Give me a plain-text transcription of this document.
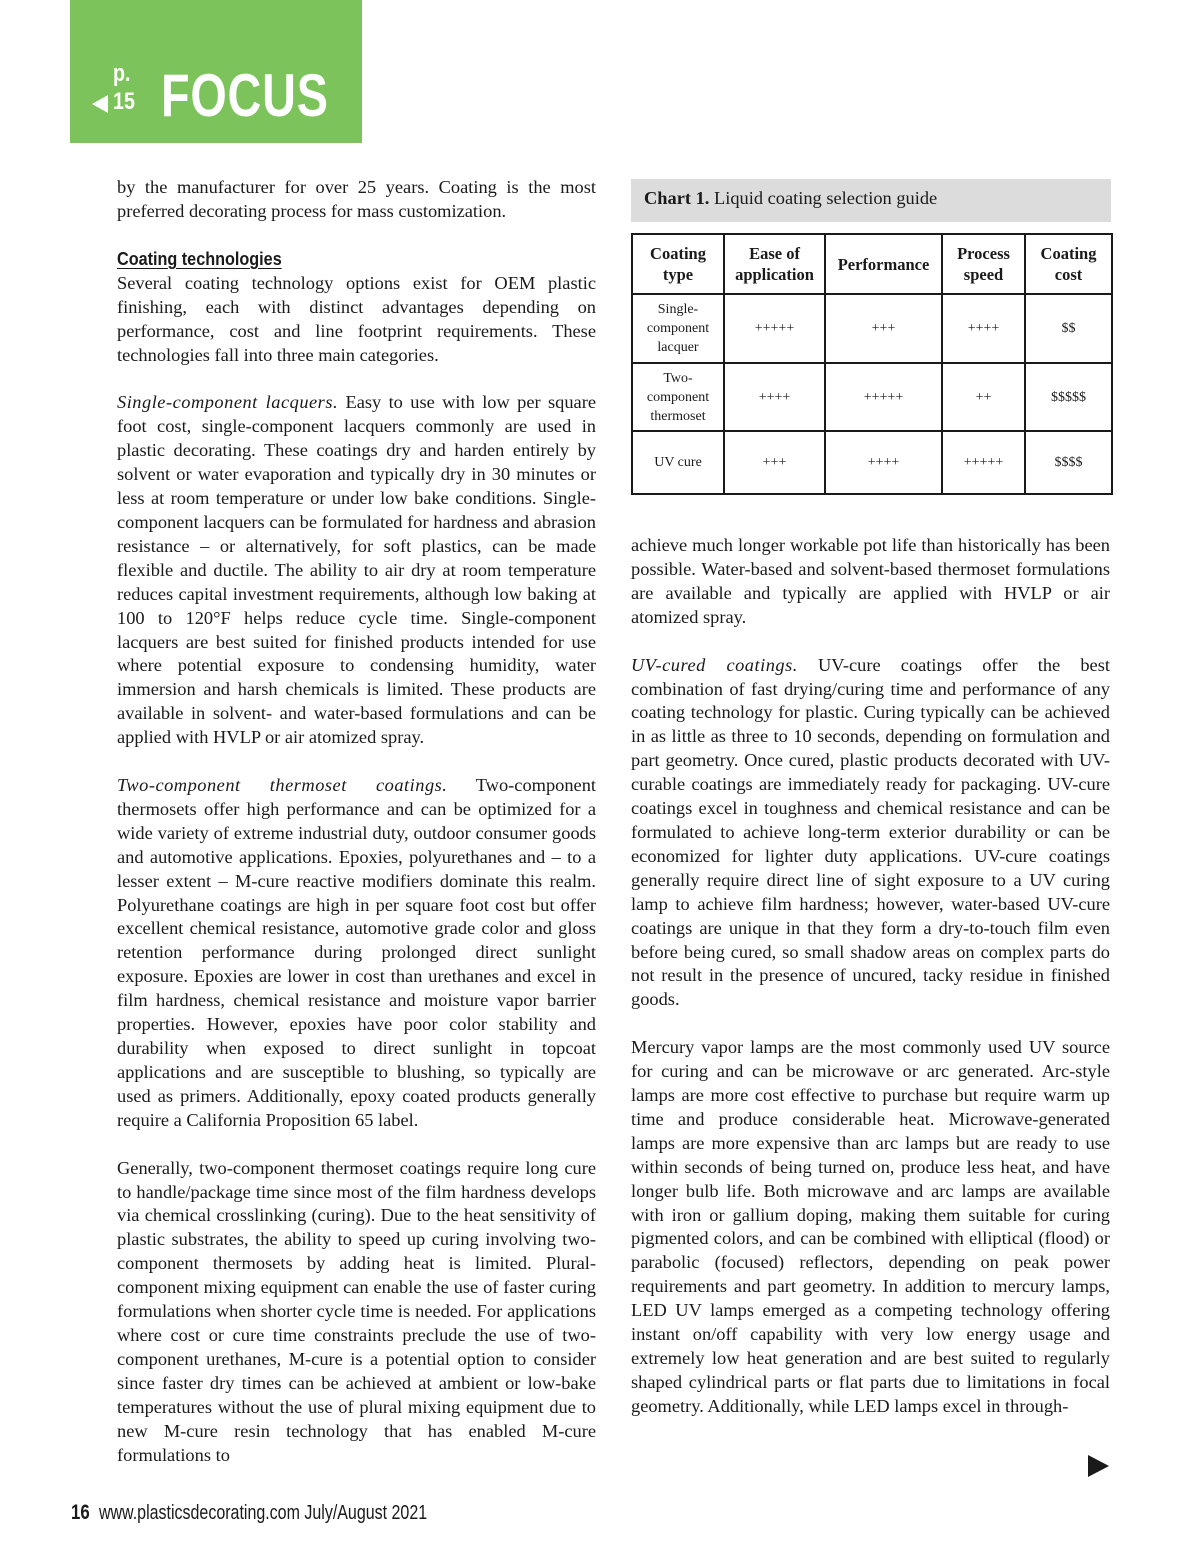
p. 15 FOCUS

by the manufacturer for over 25 years. Coating is the most preferred decorating process for mass customization.

Coating technologies

Several coating technology options exist for OEM plastic finishing, each with distinct advantages depending on performance, cost and line footprint requirements. These technologies fall into three main categories.

Single-component lacquers. Easy to use with low per square foot cost, single-component lacquers commonly are used in plastic decorating. These coatings dry and harden entirely by solvent or water evaporation and typically dry in 30 minutes or less at room temperature or under low bake conditions. Single-component lacquers can be formulated for hardness and abrasion resistance – or alternatively, for soft plastics, can be made flexible and ductile. The ability to air dry at room temperature reduces capital investment requirements, although low baking at 100 to 120°F helps reduce cycle time. Single-component lacquers are best suited for finished products intended for use where potential exposure to condensing humidity, water immersion and harsh chemicals is limited. These products are available in solvent- and water-based formulations and can be applied with HVLP or air atomized spray.

Two-component thermoset coatings. Two-component thermosets offer high performance and can be optimized for a wide variety of extreme industrial duty, outdoor consumer goods and automotive applications. Epoxies, polyurethanes and – to a lesser extent – M-cure reactive modifiers dominate this realm. Polyurethane coatings are high in per square foot cost but offer excellent chemical resistance, automotive grade color and gloss retention performance during prolonged direct sunlight exposure. Epoxies are lower in cost than urethanes and excel in film hardness, chemical resistance and moisture vapor barrier properties. However, epoxies have poor color stability and durability when exposed to direct sunlight in topcoat applications and are susceptible to blushing, so typically are used as primers. Additionally, epoxy coated products generally require a California Proposition 65 label.

Generally, two-component thermoset coatings require long cure to handle/package time since most of the film hardness develops via chemical crosslinking (curing). Due to the heat sensitivity of plastic substrates, the ability to speed up curing involving two-component thermosets by adding heat is limited. Plural-component mixing equipment can enable the use of faster curing formulations when shorter cycle time is needed. For applications where cost or cure time constraints preclude the use of two-component urethanes, M-cure is a potential option to consider since faster dry times can be achieved at ambient or low-bake temperatures without the use of plural mixing equipment due to new M-cure resin technology that has enabled M-cure formulations to

Chart 1. Liquid coating selection guide
Coating type	Ease of application	Performance	Process speed	Coating cost
Single-component lacquer	+++++	+++	++++	$$
Two-component thermoset	++++	+++++	++	$$$$$
UV cure	+++	++++	+++++	$$$$

achieve much longer workable pot life than historically has been possible. Water-based and solvent-based thermoset formulations are available and typically are applied with HVLP or air atomized spray.

UV-cured coatings. UV-cure coatings offer the best combination of fast drying/curing time and performance of any coating technology for plastic. Curing typically can be achieved in as little as three to 10 seconds, depending on formulation and part geometry. Once cured, plastic products decorated with UV-curable coatings are immediately ready for packaging. UV-cure coatings excel in toughness and chemical resistance and can be formulated to achieve long-term exterior durability or can be economized for lighter duty applications. UV-cure coatings generally require direct line of sight exposure to a UV curing lamp to achieve film hardness; however, water-based UV-cure coatings are unique in that they form a dry-to-touch film even before being cured, so small shadow areas on complex parts do not result in the presence of uncured, tacky residue in finished goods.

Mercury vapor lamps are the most commonly used UV source for curing and can be microwave or arc generated. Arc-style lamps are more cost effective to purchase but require warm up time and produce considerable heat. Microwave-generated lamps are more expensive than arc lamps but are ready to use within seconds of being turned on, produce less heat, and have longer bulb life. Both microwave and arc lamps are available with iron or gallium doping, making them suitable for curing pigmented colors, and can be combined with elliptical (flood) or parabolic (focused) reflectors, depending on peak power requirements and part geometry. In addition to mercury lamps, LED UV lamps emerged as a competing technology offering instant on/off capability with very low energy usage and extremely low heat generation and are best suited to regularly shaped cylindrical parts or flat parts due to limitations in focal geometry. Additionally, while LED lamps excel in through-

16 www.plasticsdecorating.com July/August 2021
